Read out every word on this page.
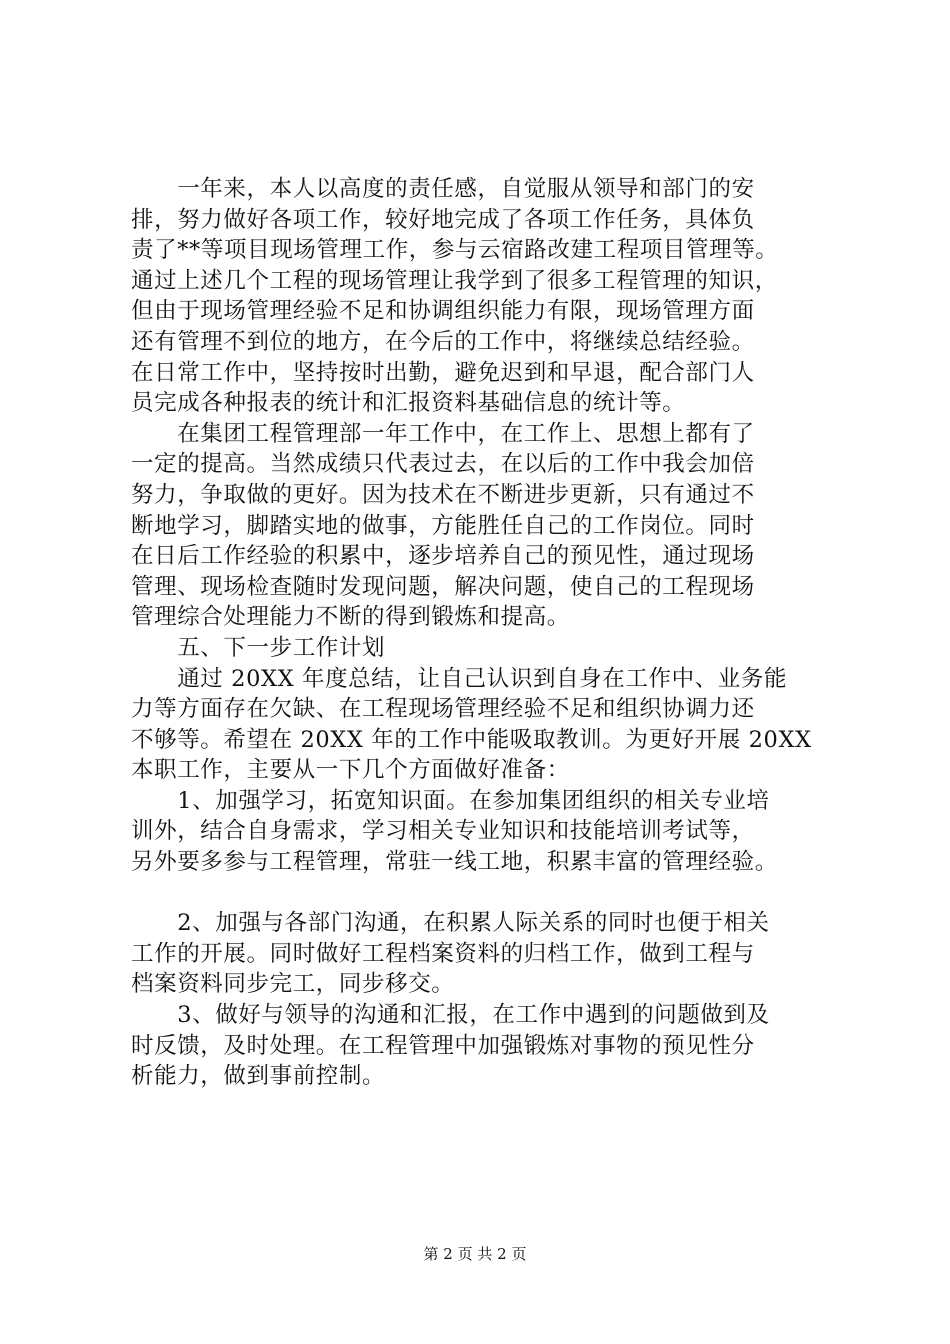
　　一年来，本人以高度的责任感，自觉服从领导和部门的安
排，努力做好各项工作，较好地完成了各项工作任务，具体负
责了**等项目现场管理工作，参与云宿路改建工程项目管理等。
通过上述几个工程的现场管理让我学到了很多工程管理的知识，
但由于现场管理经验不足和协调组织能力有限，现场管理方面
还有管理不到位的地方，在今后的工作中，将继续总结经验。
在日常工作中，坚持按时出勤，避免迟到和早退，配合部门人
员完成各种报表的统计和汇报资料基础信息的统计等。
　　在集团工程管理部一年工作中，在工作上、思想上都有了
一定的提高。当然成绩只代表过去，在以后的工作中我会加倍
努力，争取做的更好。因为技术在不断进步更新，只有通过不
断地学习，脚踏实地的做事，方能胜任自己的工作岗位。同时
在日后工作经验的积累中，逐步培养自己的预见性，通过现场
管理、现场检查随时发现问题，解决问题，使自己的工程现场
管理综合处理能力不断的得到锻炼和提高。
　　五、下一步工作计划
　　通过 20XX 年度总结，让自己认识到自身在工作中、业务能
力等方面存在欠缺、在工程现场管理经验不足和组织协调力还
不够等。希望在 20XX 年的工作中能吸取教训。为更好开展 20XX
本职工作，主要从一下几个方面做好准备：
　　1、加强学习，拓宽知识面。在参加集团组织的相关专业培
训外，结合自身需求，学习相关专业知识和技能培训考试等，
另外要多参与工程管理，常驻一线工地，积累丰富的管理经验。
　　2、加强与各部门沟通，在积累人际关系的同时也便于相关
工作的开展。同时做好工程档案资料的归档工作，做到工程与
档案资料同步完工，同步移交。
　　3、做好与领导的沟通和汇报，在工作中遇到的问题做到及
时反馈，及时处理。在工程管理中加强锻炼对事物的预见性分
析能力，做到事前控制。
第 2 页 共 2 页
